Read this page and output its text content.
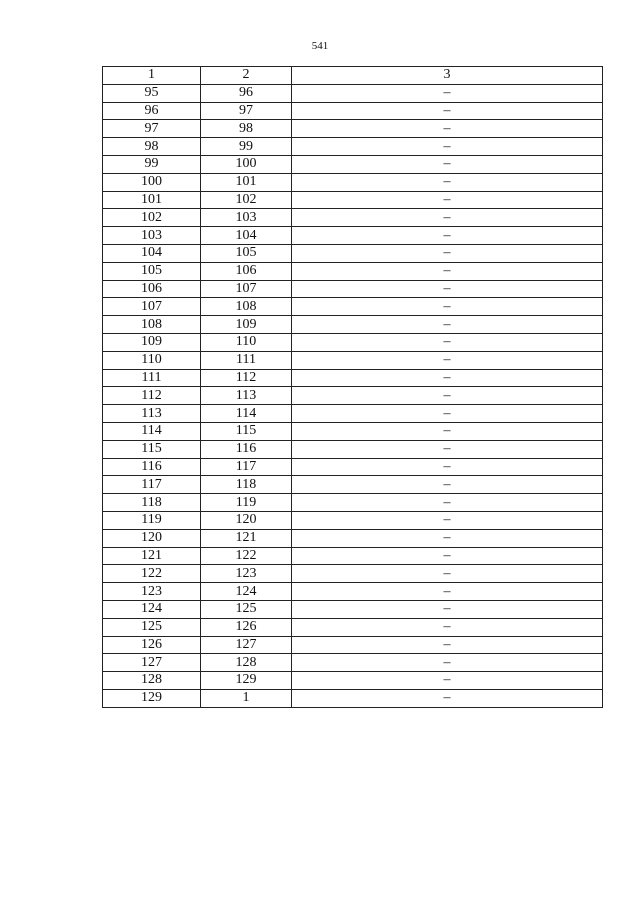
541
1	2	3
95	96	–
96	97	–
97	98	–
98	99	–
99	100	–
100	101	–
101	102	–
102	103	–
103	104	–
104	105	–
105	106	–
106	107	–
107	108	–
108	109	–
109	110	–
110	111	–
111	112	–
112	113	–
113	114	–
114	115	–
115	116	–
116	117	–
117	118	–
118	119	–
119	120	–
120	121	–
121	122	–
122	123	–
123	124	–
124	125	–
125	126	–
126	127	–
127	128	–
128	129	–
129	1	–
